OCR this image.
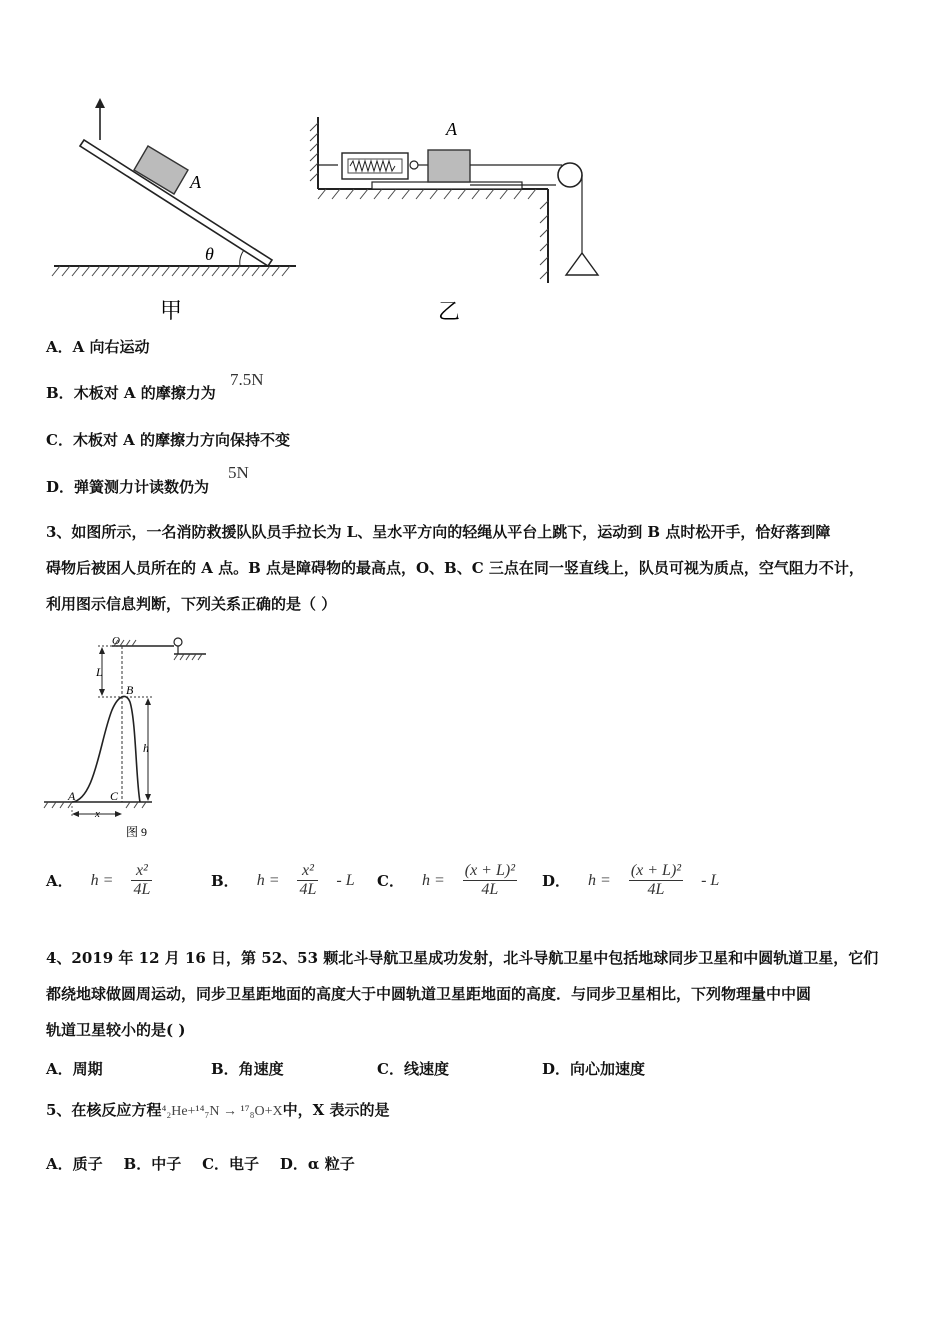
A
θ
甲
A
乙
A．A 向右运动
B．木板对 A 的摩擦力为
7.5N
C．木板对 A 的摩擦力方向保持不变
D．弹簧测力计读数仍为
5N
3、如图所示，一名消防救援队队员手拉长为 L、呈水平方向的轻绳从平台上跳下，运动到 B 点时松开手，恰好落到障
碍物后被困人员所在的 A 点。B 点是障碍物的最高点，O、B、C 三点在同一竖直线上，队员可视为质点，空气阻力不计，
利用图示信息判断，下列关系正确的是（ ）
O
L
B
h
A	C
x
图 9
A． $h = \frac{\text{x²}}{4L}$	B． $h = \frac{\text{x²}}{4L} - L$ C． $h = \frac{\text{(x + L)²}}{4L}$ D． $h = \frac{\text{(x + L)²}}{4L} - L$
4、2019 年 12 月 16 日，第 52、53 颗北斗导航卫星成功发射，北斗导航卫星中包括地球同步卫星和中圆轨道卫星，它们
都绕地球做圆周运动，同步卫星距地面的高度大于中圆轨道卫星距地面的高度．与同步卫星相比，下列物理量中中圆
轨道卫星较小的是( )
A．周期	B．角速度	C．线速度	D．向心加速度
5、在核反应方程⁴₂He+¹⁴₇N → ¹⁷₈O+X中，X 表示的是
A．质子    B．中子    C．电子    D．α 粒子
